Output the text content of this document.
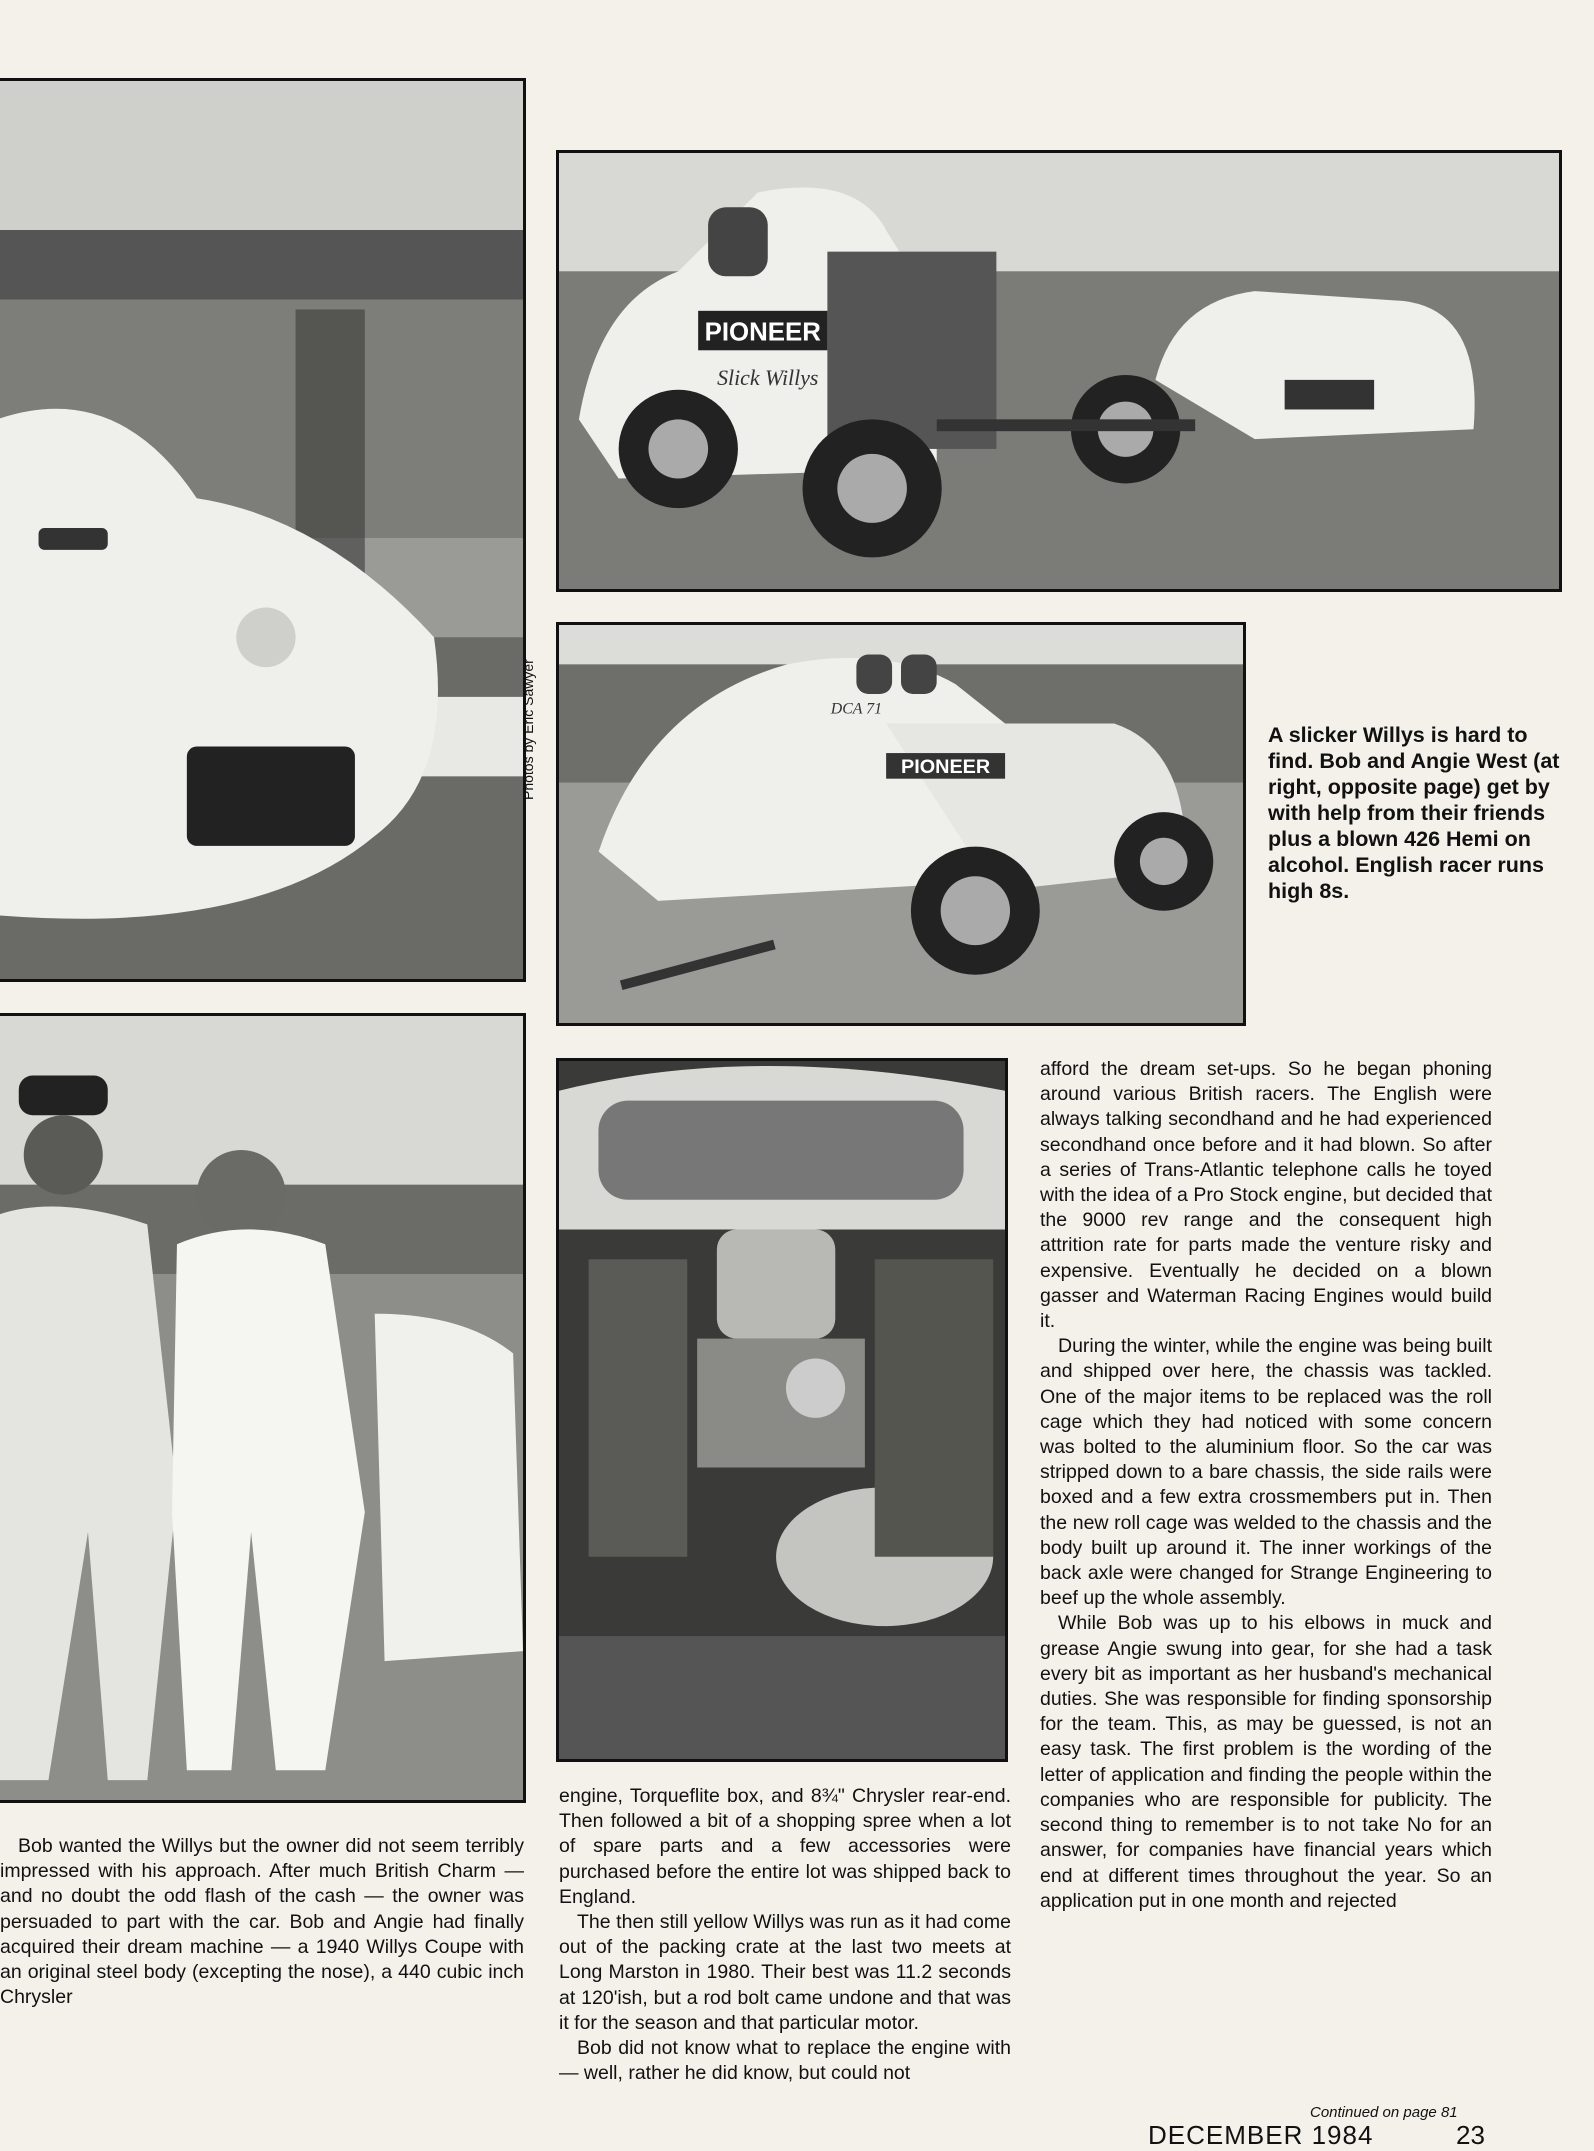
Photos by Eric Sawyer
PIONEER
Slick Willys
PIONEER
DCA 71
A slicker Willys is hard to find. Bob and Angie West (at right, opposite page) get by with help from their friends plus a blown 426 Hemi on alcohol. English racer runs high 8s.

Bob wanted the Willys but the owner did not seem terribly impressed with his approach. After much British Charm — and no doubt the odd flash of the cash — the owner was persuaded to part with the car. Bob and Angie had finally acquired their dream machine — a 1940 Willys Coupe with an original steel body (excepting the nose), a 440 cubic inch Chrysler

engine, Torqueflite box, and 8¾" Chrysler rear-end. Then followed a bit of a shopping spree when a lot of spare parts and a few accessories were purchased before the entire lot was shipped back to England.

The then still yellow Willys was run as it had come out of the packing crate at the last two meets at Long Marston in 1980. Their best was 11.2 seconds at 120'ish, but a rod bolt came undone and that was it for the season and that particular motor.

Bob did not know what to replace the engine with — well, rather he did know, but could not

afford the dream set-ups. So he began phoning around various British racers. The English were always talking secondhand and he had experienced secondhand once before and it had blown. So after a series of Trans-Atlantic telephone calls he toyed with the idea of a Pro Stock engine, but decided that the 9000 rev range and the consequent high attrition rate for parts made the venture risky and expensive. Eventually he decided on a blown gasser and Waterman Racing Engines would build it.

During the winter, while the engine was being built and shipped over here, the chassis was tackled. One of the major items to be replaced was the roll cage which they had noticed with some concern was bolted to the aluminium floor. So the car was stripped down to a bare chassis, the side rails were boxed and a few extra crossmembers put in. Then the new roll cage was welded to the chassis and the body built up around it. The inner workings of the back axle were changed for Strange Engineering to beef up the whole assembly.

While Bob was up to his elbows in muck and grease Angie swung into gear, for she had a task every bit as important as her husband's mechanical duties. She was responsible for finding sponsorship for the team. This, as may be guessed, is not an easy task. The first problem is the wording of the letter of application and finding the people within the companies who are responsible for publicity. The second thing to remember is to not take No for an answer, for companies have financial years which end at different times throughout the year. So an application put in one month and rejected

Continued on page 81
DECEMBER 1984	23
